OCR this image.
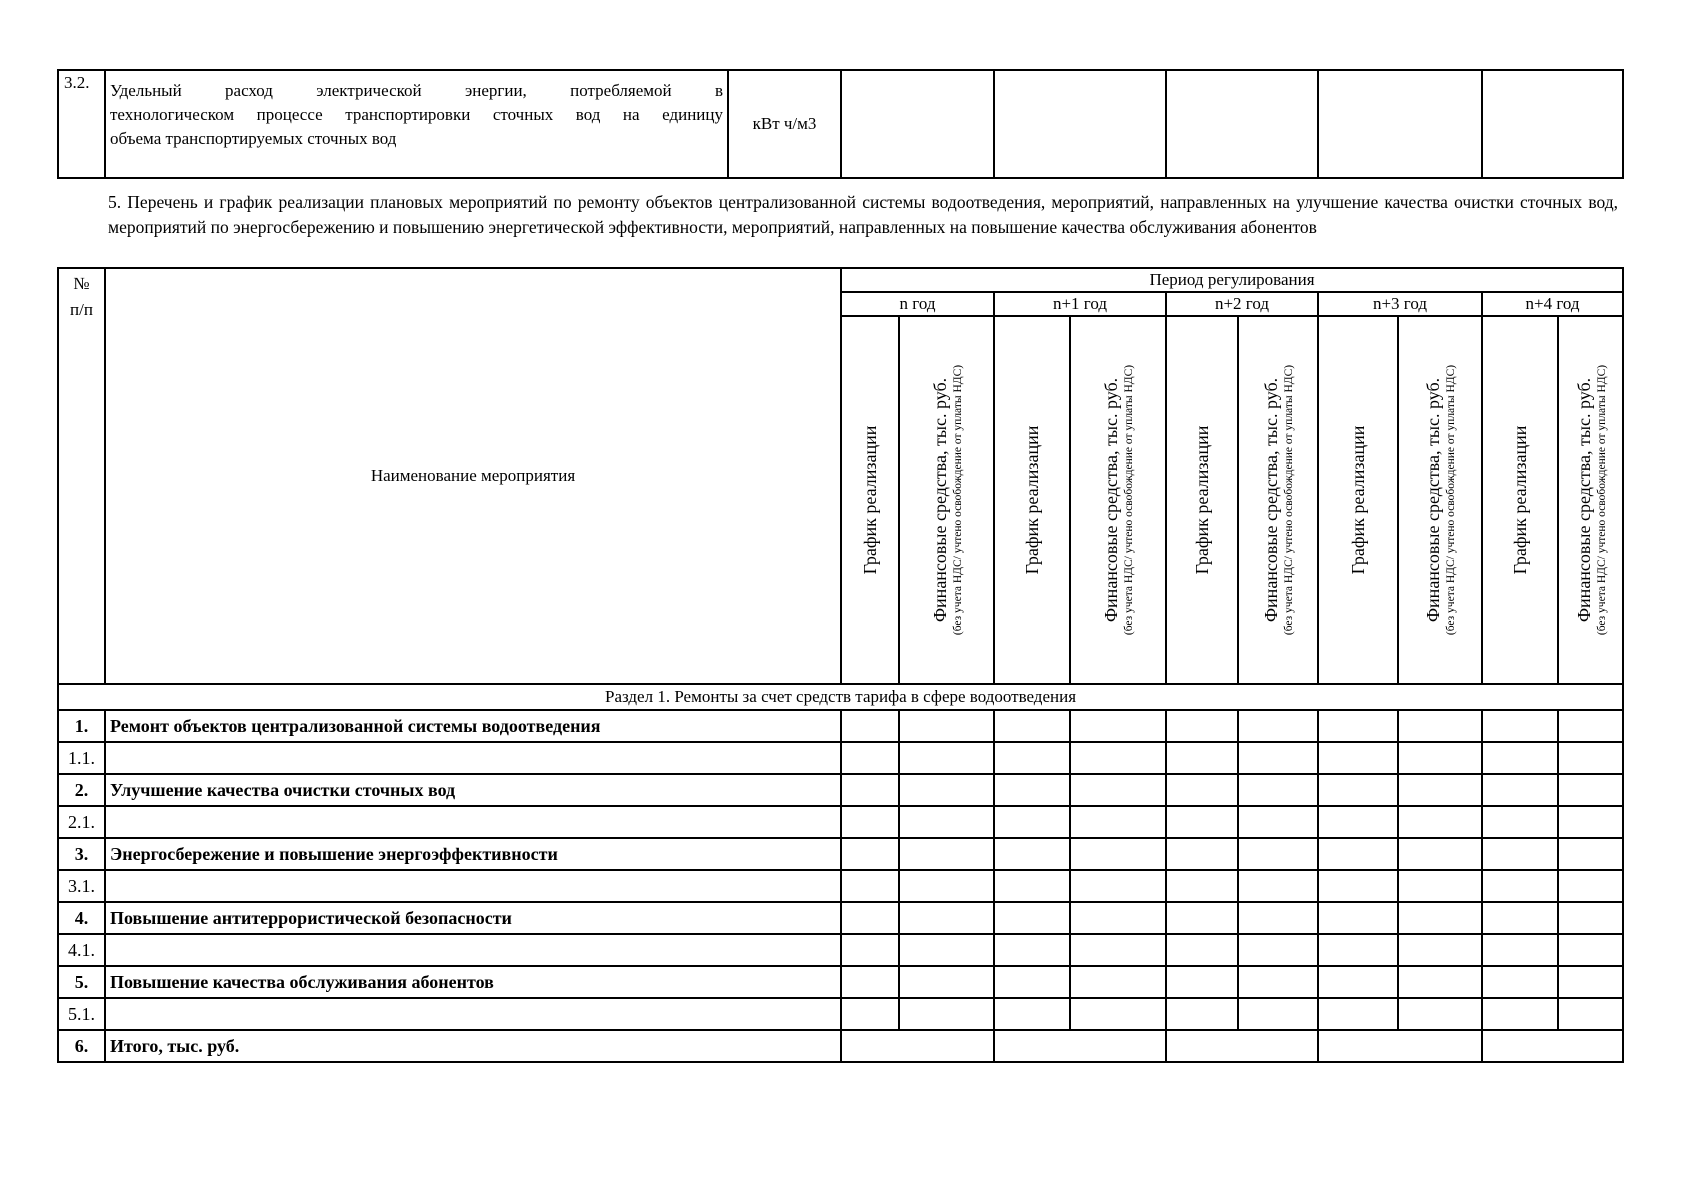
3.2.	Удельный расход электрической энергии, потребляемой в
технологическом процессе транспортировки сточных вод на единицу
объема транспортируемых сточных вод
	кВт ч/м3					
5. Перечень и график реализации плановых мероприятий по ремонту объектов централизованной системы водоотведения, мероприятий, направленных на улучшение качества очистки сточных вод, мероприятий по энергосбережению и повышению энергетической эффективности, мероприятий, направленных на повышение качества обслуживания абонентов
№
п/п	Наименование мероприятия	Период регулирования									
		n год		n+1 год		n+2 год		n+3 год		n+4 год	

		График реализации	Финансовые средства, тыс. руб. (без учета НДС/ учтено освобождение от уплаты НДС)	График реализации	Финансовые средства, тыс. руб. (без учета НДС/ учтено освобождение от уплаты НДС)	График реализации	Финансовые средства, тыс. руб. (без учета НДС/ учтено освобождение от уплаты НДС)	График реализации	Финансовые средства, тыс. руб. (без учета НДС/ учтено освобождение от уплаты НДС)	График реализации	Финансовые средства, тыс. руб. (без учета НДС/ учтено освобождение от уплаты НДС)

Раздел 1. Ремонты за счет средств тарифа в сфере водоотведения											
1.	Ремонт объектов централизованной системы водоотведения										
1.1.											
2.	Улучшение качества очистки сточных вод										
2.1.											
3.	Энергосбережение и повышение энергоэффективности										
3.1.											
4.	Повышение антитеррористической безопасности										
4.1.											
5.	Повышение качества обслуживания абонентов										
5.1.											
6.	Итого, тыс. руб.										
